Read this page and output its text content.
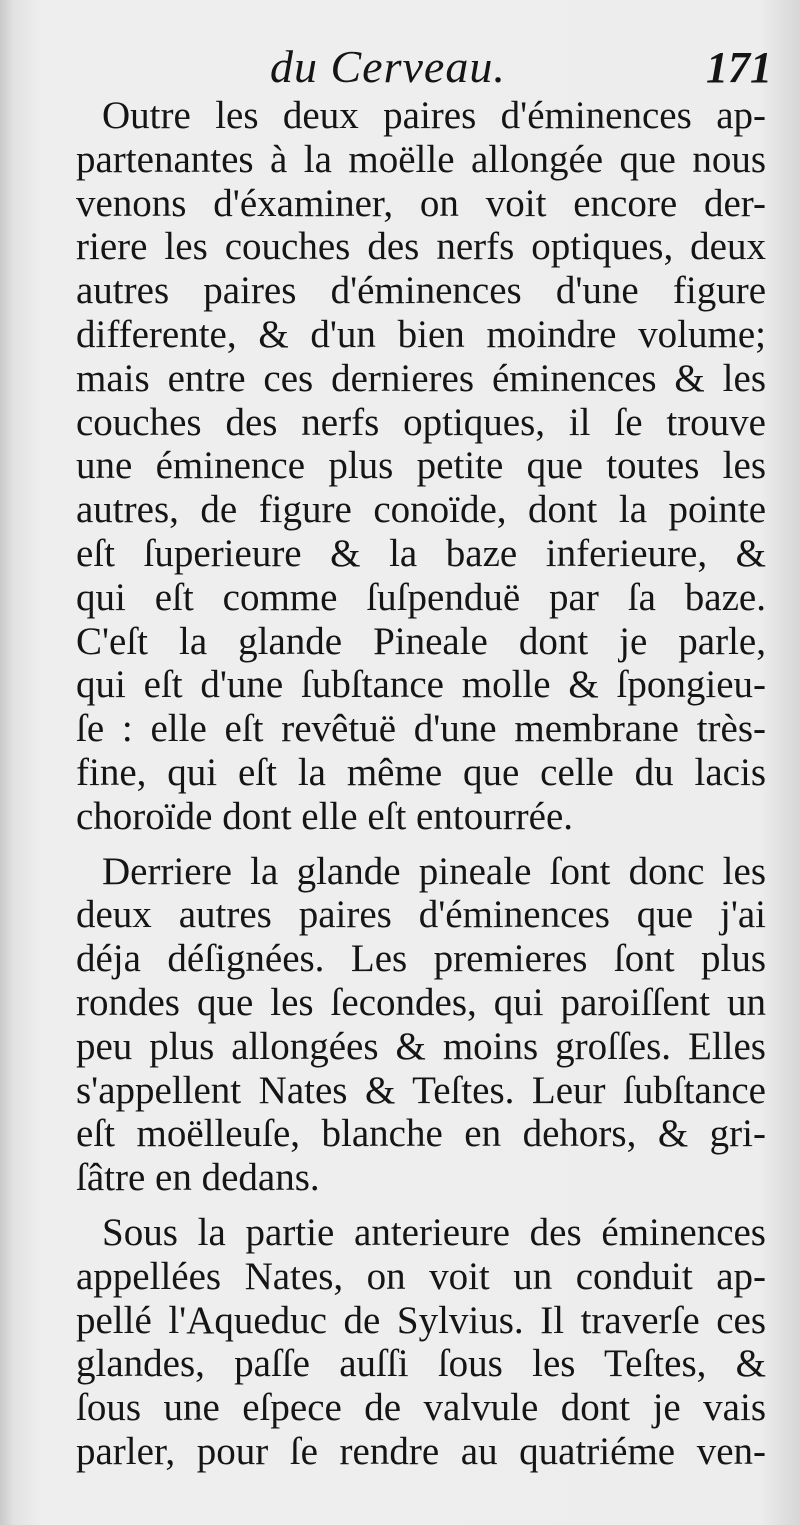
du Cerveau.	171
Outre les deux paires d'éminences ap-
partenantes à la moëlle allongée que nous
venons d'éxaminer, on voit encore der-
riere les couches des nerfs optiques, deux
autres paires d'éminences d'une figure
differente, & d'un bien moindre volume;
mais entre ces dernieres éminences & les
couches des nerfs optiques, il ſe trouve
une éminence plus petite que toutes les
autres, de figure conoïde, dont la pointe
eſt ſuperieure & la baze inferieure, &
qui eſt comme ſuſpenduë par ſa baze.
C'eſt la glande Pineale dont je parle,
qui eſt d'une ſubſtance molle & ſpongieu-
ſe : elle eſt revêtuë d'une membrane très-
fine, qui eſt la même que celle du lacis
choroïde dont elle eſt entourrée.
Derriere la glande pineale ſont donc les
deux autres paires d'éminences que j'ai
déja déſignées. Les premieres ſont plus
rondes que les ſecondes, qui paroiſſent un
peu plus allongées & moins groſſes. Elles
s'appellent Nates & Teſtes. Leur ſubſtance
eſt moëlleuſe, blanche en dehors, & gri-
ſâtre en dedans.
Sous la partie anterieure des éminences
appellées Nates, on voit un conduit ap-
pellé l'Aqueduc de Sylvius. Il traverſe ces
glandes, paſſe auſſi ſous les Teſtes, &
ſous une eſpece de valvule dont je vais
parler, pour ſe rendre au quatriéme ven-
